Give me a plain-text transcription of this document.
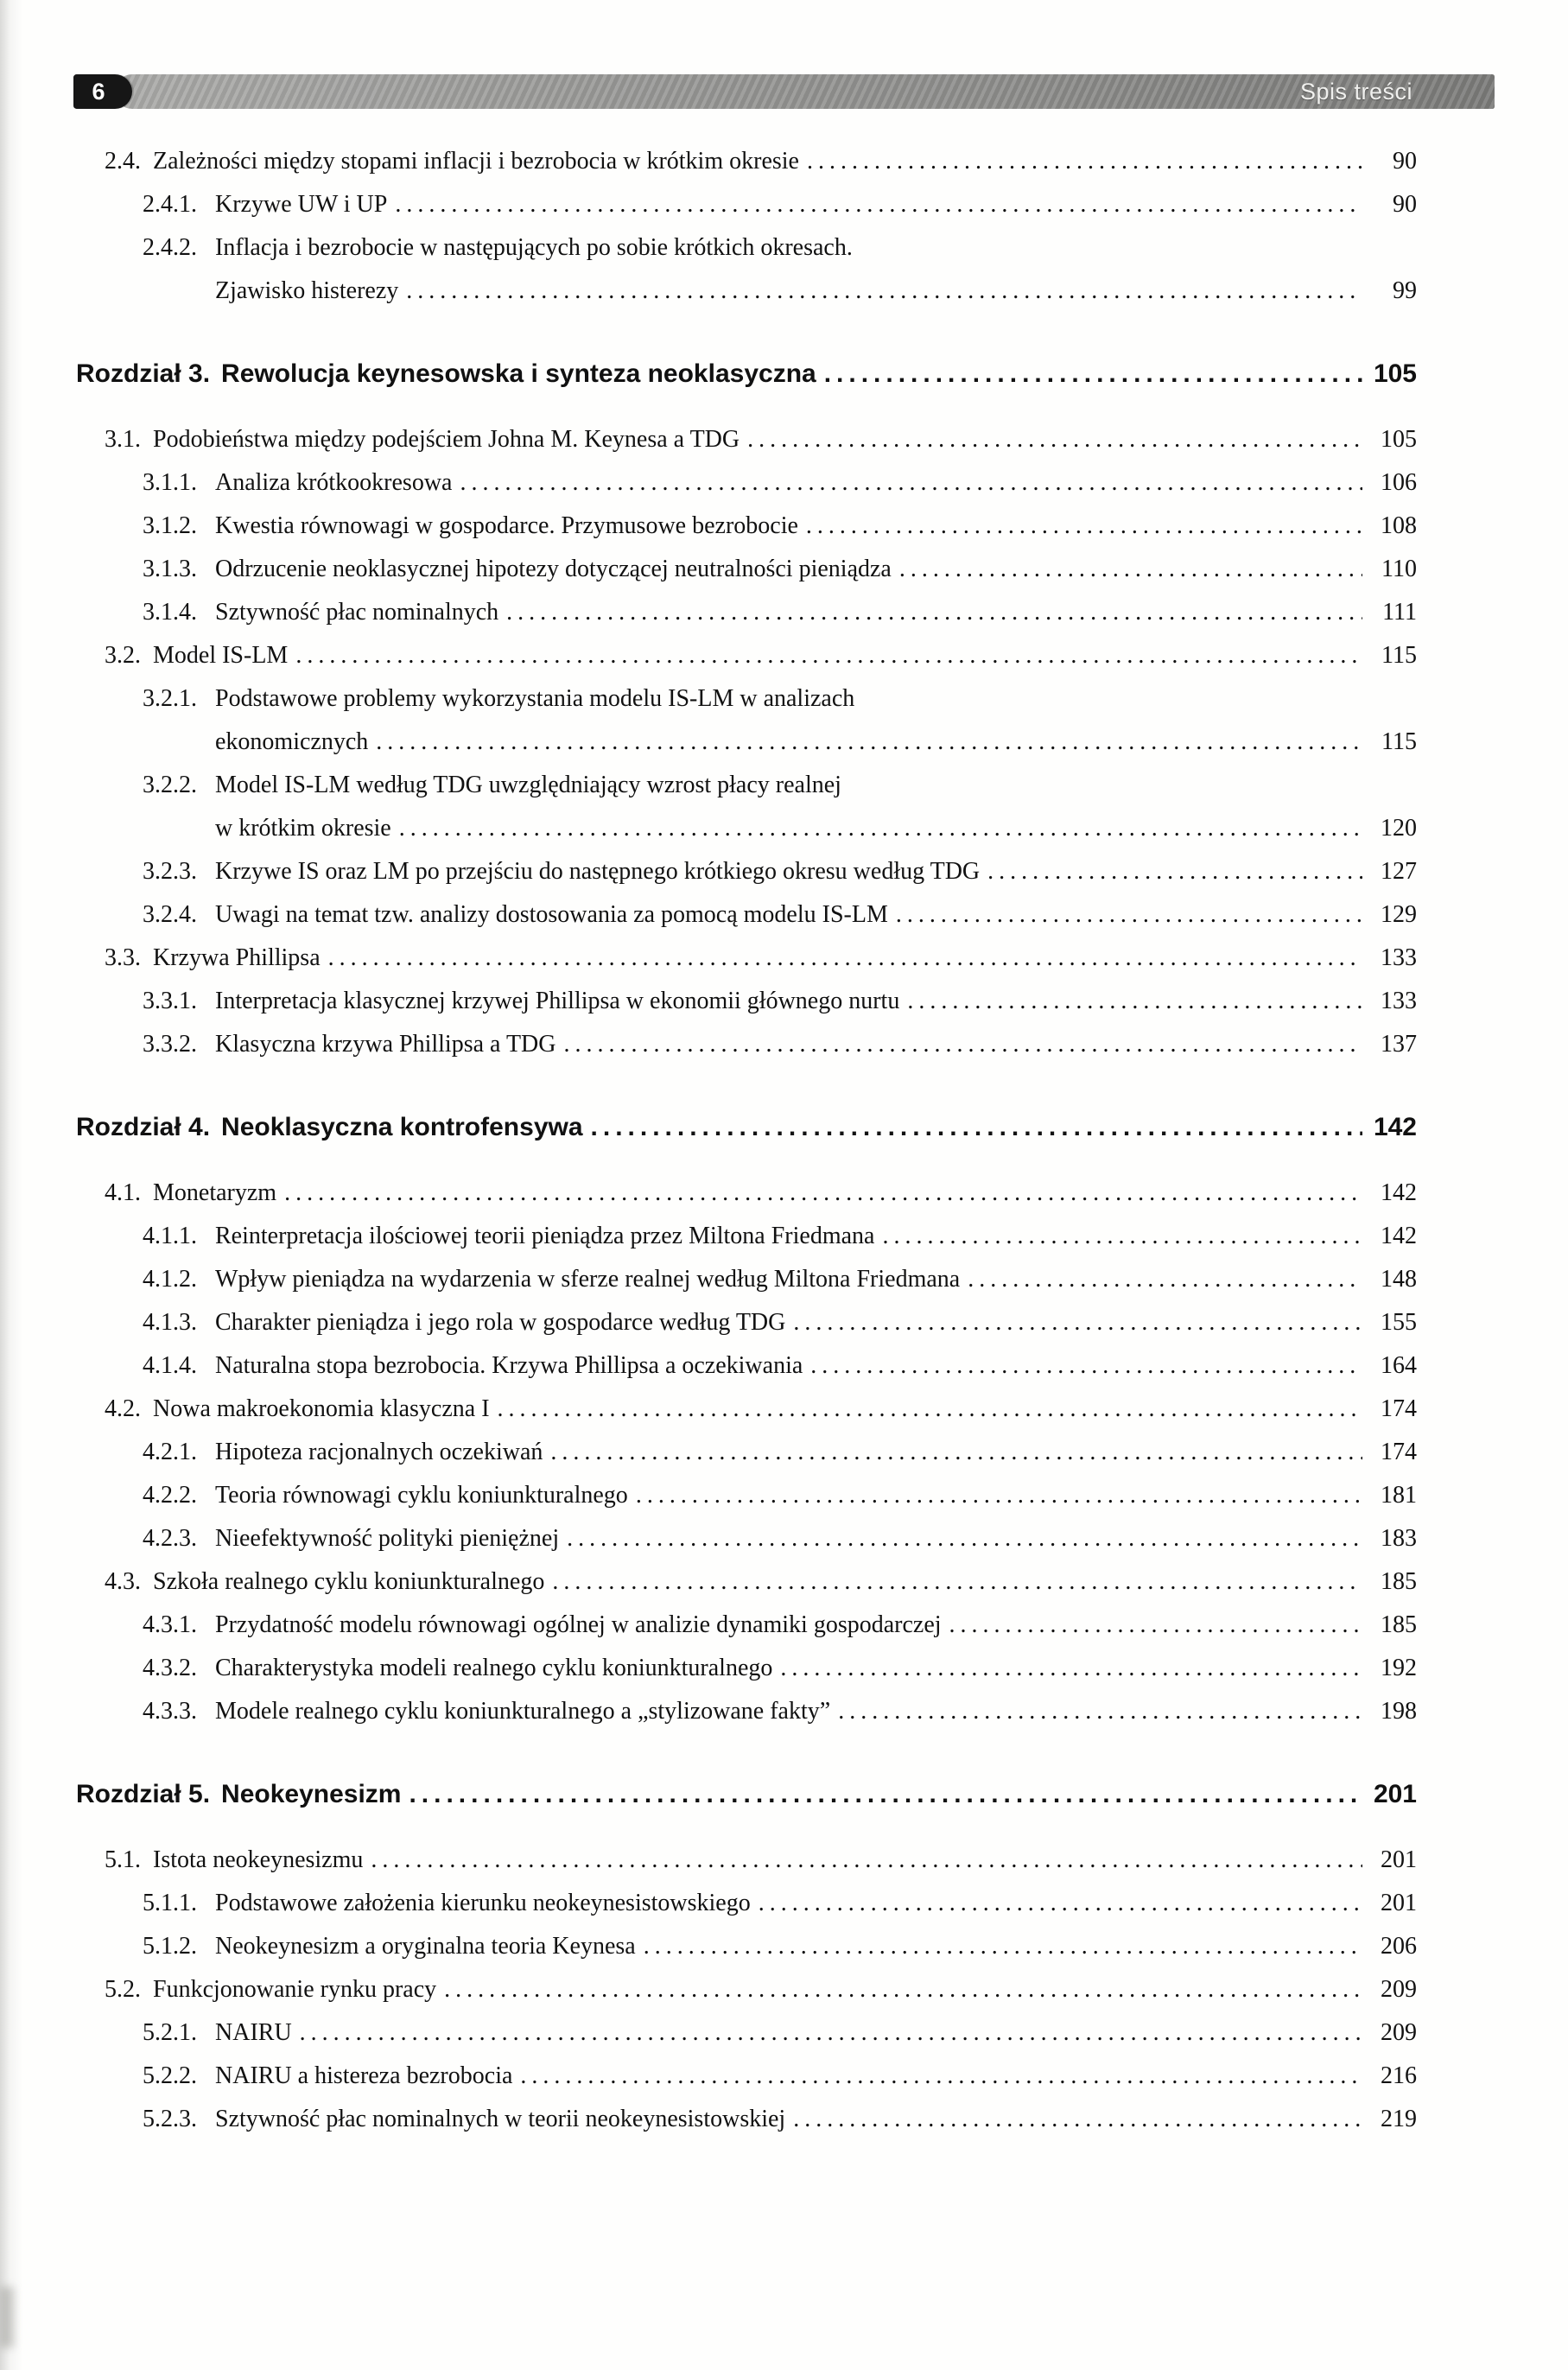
6	Spis treści
2.4. Zależności między stopami inflacji i bezrobocia w krótkim okresie .....	90
2.4.1. Krzywe UW i UP .....	90
2.4.2. Inflacja i bezrobocie w następujących po sobie krótkich okresach.
Zjawisko histerezy .....	99
Rozdział 3. Rewolucja keynesowska i synteza neoklasyczna .....	105
3.1. Podobieństwa między podejściem Johna M. Keynesa a TDG .....	105
3.1.1. Analiza krótkookresowa .....	106
3.1.2. Kwestia równowagi w gospodarce. Przymusowe bezrobocie .....	108
3.1.3. Odrzucenie neoklasycznej hipotezy dotyczącej neutralności pieniądza .....	110
3.1.4. Sztywność płac nominalnych .....	111
3.2. Model IS-LM .....	115
3.2.1. Podstawowe problemy wykorzystania modelu IS-LM w analizach
ekonomicznych .....	115
3.2.2. Model IS-LM według TDG uwzględniający wzrost płacy realnej
w krótkim okresie .....	120
3.2.3. Krzywe IS oraz LM po przejściu do następnego krótkiego okresu według TDG .....	127
3.2.4. Uwagi na temat tzw. analizy dostosowania za pomocą modelu IS-LM .....	129
3.3. Krzywa Phillipsa .....	133
3.3.1. Interpretacja klasycznej krzywej Phillipsa w ekonomii głównego nurtu .....	133
3.3.2. Klasyczna krzywa Phillipsa a TDG .....	137
Rozdział 4. Neoklasyczna kontrofensywa .....	142
4.1. Monetaryzm .....	142
4.1.1. Reinterpretacja ilościowej teorii pieniądza przez Miltona Friedmana .....	142
4.1.2. Wpływ pieniądza na wydarzenia w sferze realnej według Miltona Friedmana .....	148
4.1.3. Charakter pieniądza i jego rola w gospodarce według TDG .....	155
4.1.4. Naturalna stopa bezrobocia. Krzywa Phillipsa a oczekiwania .....	164
4.2. Nowa makroekonomia klasyczna I .....	174
4.2.1. Hipoteza racjonalnych oczekiwań .....	174
4.2.2. Teoria równowagi cyklu koniunkturalnego .....	181
4.2.3. Nieefektywność polityki pieniężnej .....	183
4.3. Szkoła realnego cyklu koniunkturalnego .....	185
4.3.1. Przydatność modelu równowagi ogólnej w analizie dynamiki gospodarczej .....	185
4.3.2. Charakterystyka modeli realnego cyklu koniunkturalnego .....	192
4.3.3. Modele realnego cyklu koniunkturalnego a „stylizowane fakty” .....	198
Rozdział 5. Neokeynesizm .....	201
5.1. Istota neokeynesizmu .....	201
5.1.1. Podstawowe założenia kierunku neokeynesistowskiego .....	201
5.1.2. Neokeynesizm a oryginalna teoria Keynesa .....	206
5.2. Funkcjonowanie rynku pracy .....	209
5.2.1. NAIRU .....	209
5.2.2. NAIRU a histereza bezrobocia .....	216
5.2.3. Sztywność płac nominalnych w teorii neokeynesistowskiej .....	219
